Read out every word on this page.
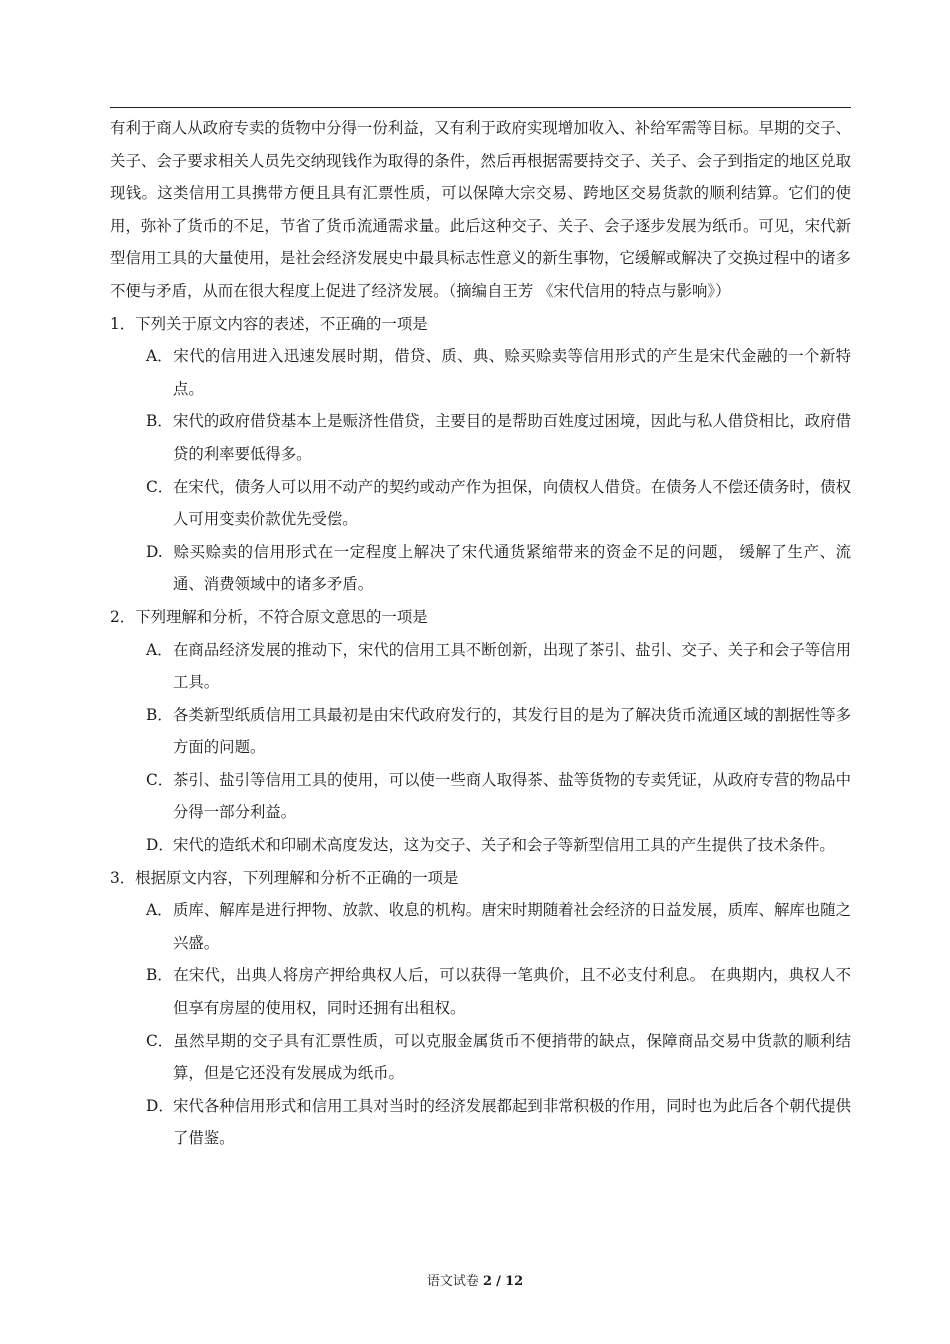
有利于商人从政府专卖的货物中分得一份利益，又有利于政府实现增加收入、补给军需等目标。早期的交子、关子、会子要求相关人员先交纳现钱作为取得的条件，然后再根据需要持交子、关子、会子到指定的地区兑取现钱。这类信用工具携带方便且具有汇票性质，可以保障大宗交易、跨地区交易货款的顺利结算。它们的使用，弥补了货币的不足，节省了货币流通需求量。此后这种交子、关子、会子逐步发展为纸币。可见，宋代新型信用工具的大量使用，是社会经济发展史中最具标志性意义的新生事物，它缓解或解决了交换过程中的诸多不便与矛盾，从而在很大程度上促进了经济发展。（摘编自王芳 《宋代信用的特点与影响》）

1．下列关于原文内容的表述，不正确的一项是

A．宋代的信用进入迅速发展时期，借贷、质、典、赊买赊卖等信用形式的产生是宋代金融的一个新特点。

B．宋代的政府借贷基本上是赈济性借贷，主要目的是帮助百姓度过困境，因此与私人借贷相比，政府借贷的利率要低得多。

C．在宋代，债务人可以用不动产的契约或动产作为担保，向债权人借贷。在债务人不偿还债务时，债权人可用变卖价款优先受偿。

D. 赊买赊卖的信用形式在一定程度上解决了宋代通货紧缩带来的资金不足的问题， 缓解了生产、流通、消费领域中的诸多矛盾。

2．下列理解和分析，不符合原文意思的一项是

A．在商品经济发展的推动下，宋代的信用工具不断创新，出现了茶引、盐引、交子、关子和会子等信用工具。

B．各类新型纸质信用工具最初是由宋代政府发行的，其发行目的是为了解决货币流通区域的割据性等多方面的问题。

C．茶引、盐引等信用工具的使用，可以使一些商人取得茶、盐等货物的专卖凭证，从政府专营的物品中分得一部分利益。

D．宋代的造纸术和印刷术高度发达，这为交子、关子和会子等新型信用工具的产生提供了技术条件。

3．根据原文内容，下列理解和分析不正确的一项是

A．质库、解库是进行押物、放款、收息的机构。唐宋时期随着社会经济的日益发展，质库、解库也随之兴盛。

B．在宋代，出典人将房产押给典权人后，可以获得一笔典价，且不必支付利息。 在典期内，典权人不但享有房屋的使用权，同时还拥有出租权。

C．虽然早期的交子具有汇票性质，可以克服金属货币不便捎带的缺点，保障商品交易中货款的顺利结算，但是它还没有发展成为纸币。

D．宋代各种信用形式和信用工具对当时的经济发展都起到非常积极的作用，同时也为此后各个朝代提供了借鉴。

语文试卷 2 / 12
